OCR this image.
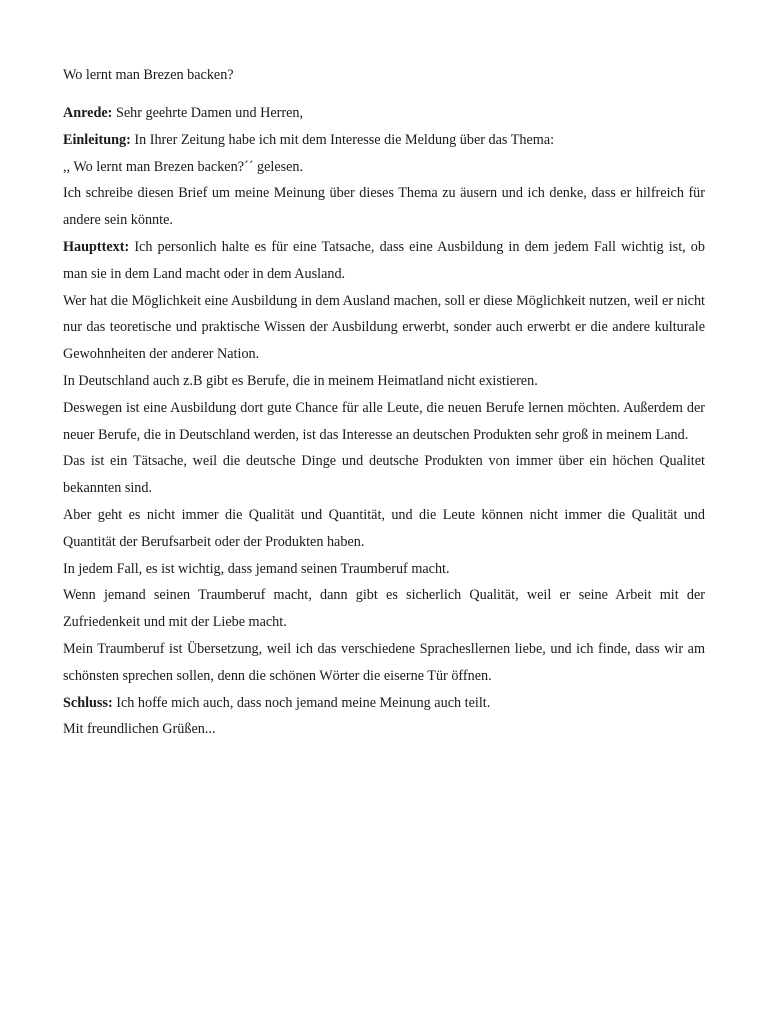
Wo lernt man Brezen backen?

Anrede: Sehr geehrte Damen und Herren,

Einleitung: In Ihrer Zeitung habe ich mit dem Interesse die Meldung über das Thema:

,, Wo lernt man Brezen backen?´´ gelesen.

Ich schreibe diesen Brief um meine Meinung über dieses Thema zu äusern und ich denke, dass er hilfreich für andere sein könnte.

Haupttext: Ich personlich halte es für eine Tatsache, dass eine Ausbildung in dem jedem Fall wichtig ist, ob man sie in dem Land macht oder in dem Ausland.

Wer hat die Möglichkeit eine Ausbildung in dem Ausland machen, soll er diese Möglichkeit nutzen, weil er nicht nur das teoretische und praktische Wissen der Ausbildung erwerbt, sonder auch erwerbt er die andere kulturale Gewohnheiten der anderer Nation.

In Deutschland auch z.B gibt es Berufe, die in meinem Heimatland nicht existieren.

Deswegen ist eine Ausbildung dort gute Chance für alle Leute, die neuen Berufe lernen möchten. Außerdem der neuer Berufe, die in Deutschland werden, ist das Interesse an deutschen Produkten sehr groß in meinem Land.

Das ist ein Tätsache, weil die deutsche Dinge und deutsche Produkten von immer über ein höchen Qualitet bekannten sind.

Aber geht es nicht immer die Qualität und Quantität, und die Leute können nicht immer die Qualität und Quantität der Berufsarbeit oder der Produkten haben.

In jedem Fall, es ist wichtig, dass jemand seinen Traumberuf macht.

Wenn jemand seinen Traumberuf macht, dann gibt es sicherlich Qualität, weil er seine Arbeit mit der Zufriedenkeit und mit der Liebe macht.

Mein Traumberuf ist Übersetzung, weil ich das verschiedene Sprachesllernen liebe, und ich finde, dass wir am schönsten sprechen sollen, denn die schönen Wörter die eiserne Tür öffnen.

Schluss: Ich hoffe mich auch, dass noch jemand meine Meinung auch teilt.

Mit freundlichen Grüßen...
